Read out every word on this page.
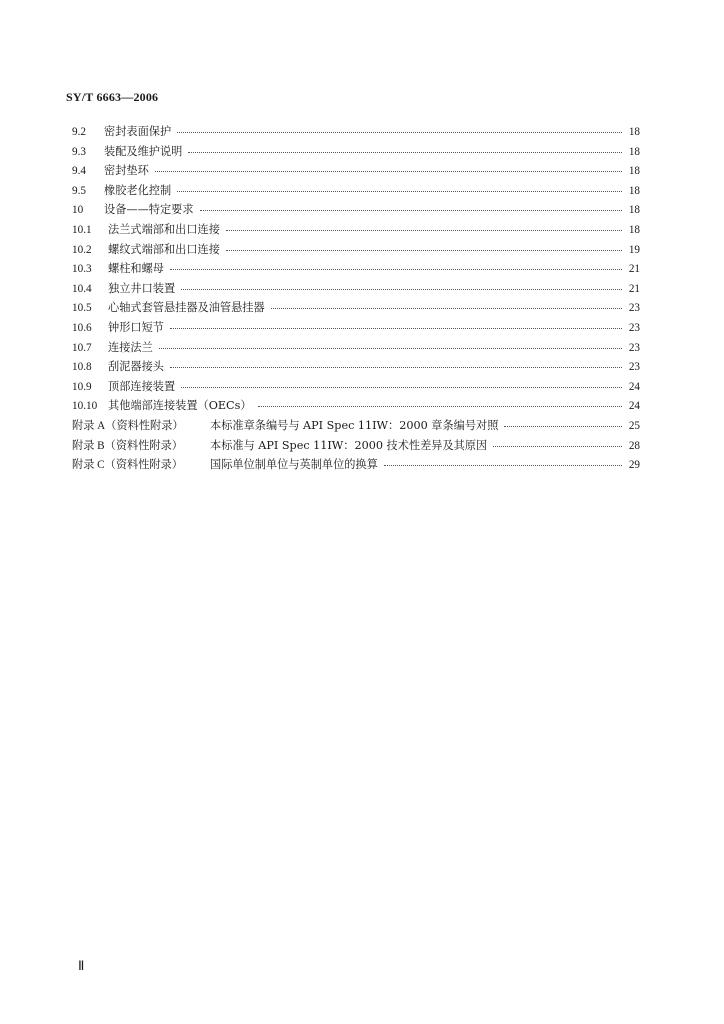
SY/T 6663—2006
9.2	密封表面保护	18
9.3	装配及维护说明	18
9.4	密封垫环	18
9.5	橡胶老化控制	18
10	设备——特定要求	18
10.1	法兰式端部和出口连接	18
10.2	螺纹式端部和出口连接	19
10.3	螺柱和螺母	21
10.4	独立井口装置	21
10.5	心轴式套管悬挂器及油管悬挂器	23
10.6	钟形口短节	23
10.7	连接法兰	23
10.8	刮泥器接头	23
10.9	顶部连接装置	24
10.10 其他端部连接装置（OECs）	24
附录 A（资料性附录）	本标准章条编号与 API Spec 11IW：2000 章条编号对照	25
附录 B（资料性附录）	本标准与 API Spec 11IW：2000 技术性差异及其原因	28
附录 C（资料性附录）	国际单位制单位与英制单位的换算	29
Ⅱ
